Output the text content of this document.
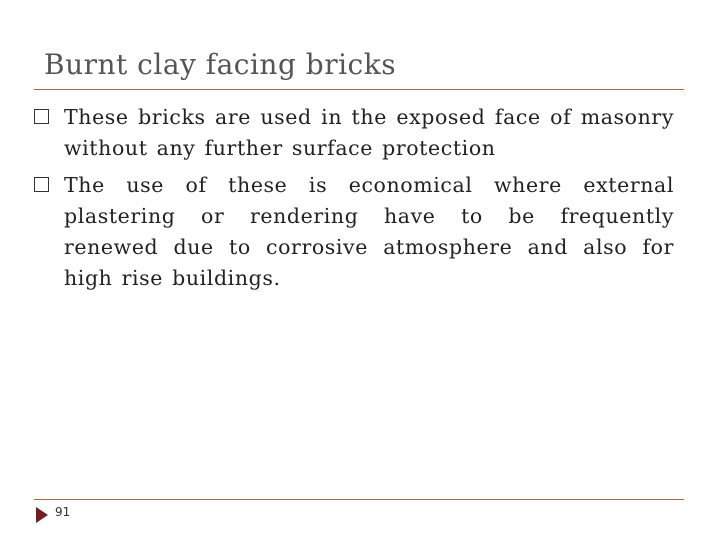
Burnt clay facing bricks
These bricks are used in the exposed face of masonry without any further surface protection
The use of these is economical where external plastering or rendering have to be frequently renewed due to corrosive atmosphere and also for high rise buildings.
91
